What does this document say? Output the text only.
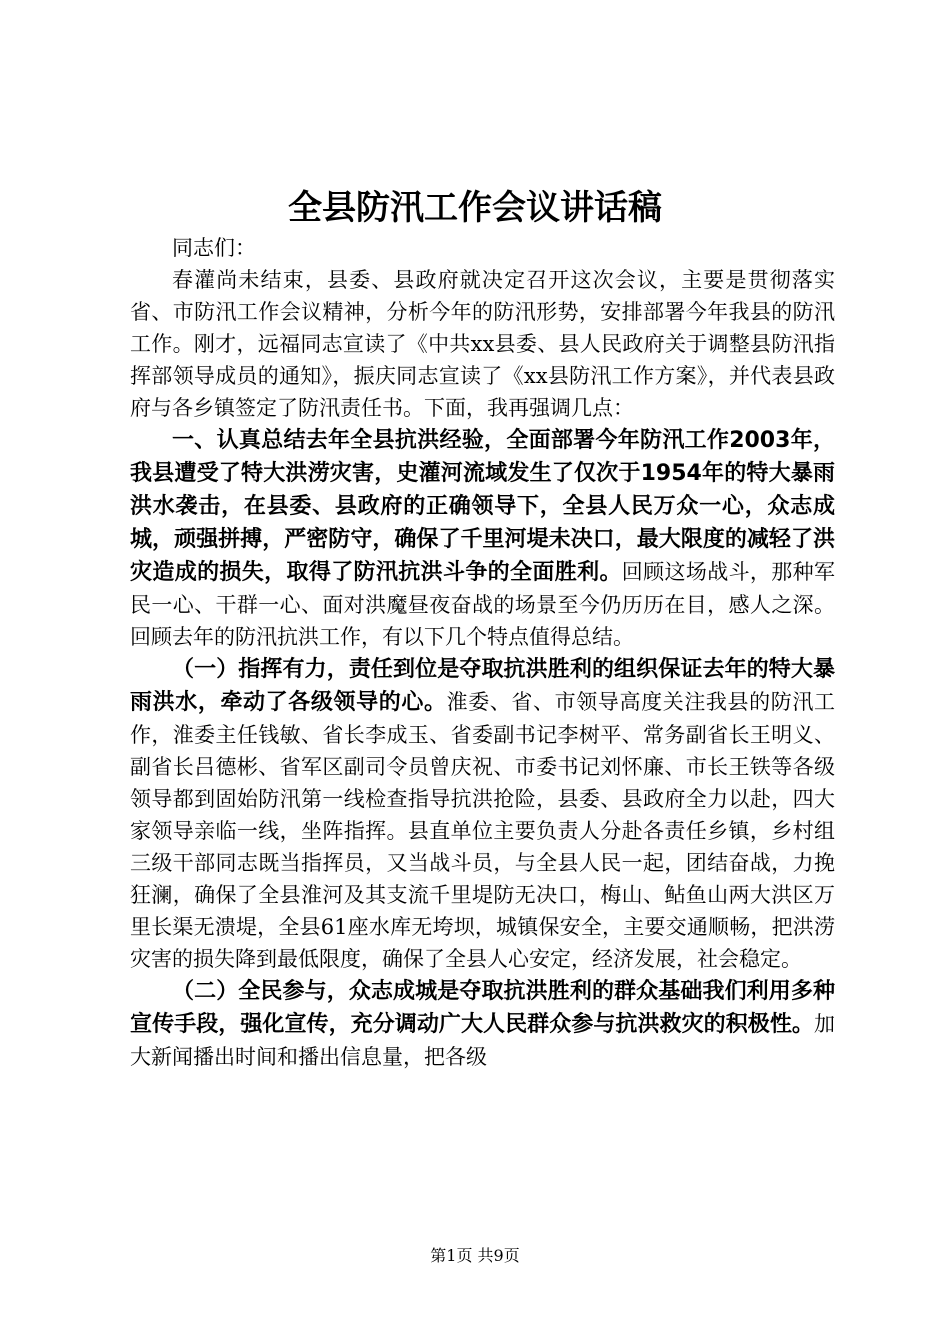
全县防汛工作会议讲话稿

同志们：

春灌尚未结束，县委、县政府就决定召开这次会议，主要是贯彻落实省、市防汛工作会议精神，分析今年的防汛形势，安排部署今年我县的防汛工作。刚才，远福同志宣读了《中共xx县委、县人民政府关于调整县防汛指挥部领导成员的通知》，振庆同志宣读了《xx县防汛工作方案》，并代表县政府与各乡镇签定了防汛责任书。下面，我再强调几点：

一、认真总结去年全县抗洪经验，全面部署今年防汛工作2003年，我县遭受了特大洪涝灾害，史灌河流域发生了仅次于1954年的特大暴雨洪水袭击，在县委、县政府的正确领导下，全县人民万众一心，众志成城，顽强拼搏，严密防守，确保了千里河堤未决口，最大限度的减轻了洪灾造成的损失，取得了防汛抗洪斗争的全面胜利。回顾这场战斗，那种军民一心、干群一心、面对洪魔昼夜奋战的场景至今仍历历在目，感人之深。回顾去年的防汛抗洪工作，有以下几个特点值得总结。

（一）指挥有力，责任到位是夺取抗洪胜利的组织保证去年的特大暴雨洪水，牵动了各级领导的心。淮委、省、市领导高度关注我县的防汛工作，淮委主任钱敏、省长李成玉、省委副书记李树平、常务副省长王明义、副省长吕德彬、省军区副司令员曾庆祝、市委书记刘怀廉、市长王铁等各级领导都到固始防汛第一线检查指导抗洪抢险，县委、县政府全力以赴，四大家领导亲临一线，坐阵指挥。县直单位主要负责人分赴各责任乡镇，乡村组三级干部同志既当指挥员，又当战斗员，与全县人民一起，团结奋战，力挽狂澜，确保了全县淮河及其支流千里堤防无决口，梅山、鲇鱼山两大洪区万里长渠无溃堤，全县61座水库无垮坝，城镇保安全，主要交通顺畅，把洪涝灾害的损失降到最低限度，确保了全县人心安定，经济发展，社会稳定。

（二）全民参与，众志成城是夺取抗洪胜利的群众基础我们利用多种宣传手段，强化宣传，充分调动广大人民群众参与抗洪救灾的积极性。加大新闻播出时间和播出信息量，把各级

第1页 共9页
